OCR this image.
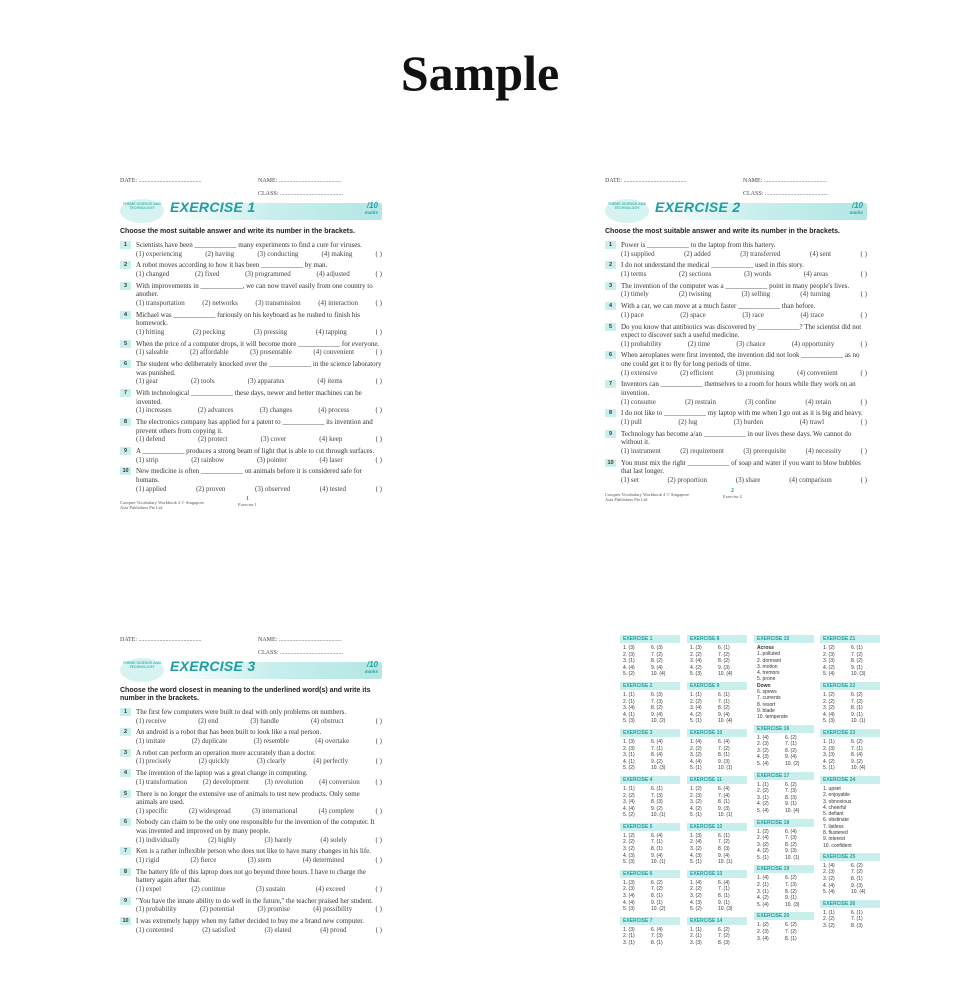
Sample
DATE: ..........................................	NAME: ..........................................
CLASS: ..........................................
THEME SCIENCE AND TECHNOLOGY	EXERCISE 1	/10
marks
Choose the most suitable answer and write its number in the brackets.
1	Scientists have been ____________ many experiments to find a cure for viruses.
(1) experiencing	(2) having	(3) conducting	(4) making	( )
2	A robot moves according to how it has been ____________ by man.
(1) changed	(2) fixed	(3) programmed	(4) adjusted	( )
3	With improvements in ____________, we can now travel easily from one country to another.
(1) transportation	(2) networks	(3) transmission	(4) interaction	( )
4	Michael was ____________ furiously on his keyboard as he rushed to finish his homework.
(1) hitting	(2) pecking	(3) pressing	(4) tapping	( )
5	When the price of a computer drops, it will become more ____________ for everyone.
(1) saleable	(2) affordable	(3) presentable	(4) convenient	( )
6	The student who deliberately knocked over the ____________ in the science laboratory was punished.
(1) gear	(2) tools	(3) apparatus	(4) items	( )
7	With technological ____________ these days, newer and better machines can be invented.
(1) increases	(2) advances	(3) changes	(4) process	( )
8	The electronics company has applied for a patent to ____________ its invention and prevent others from copying it.
(1) defend	(2) protect	(3) cover	(4) keep	( )
9	A ____________ produces a strong beam of light that is able to cut through surfaces.
(1) strip	(2) rainbow	(3) pointer	(4) laser	( )
10	New medicine is often ____________ on animals before it is considered safe for humans.
(1) applied	(2) proven	(3) observed	(4) tested	( )
Conquer Vocabulary Workbook 4 © Singapore Asia Publishers Pte Ltd
1
Exercise 1
DATE: ..........................................	NAME: ..........................................
CLASS: ..........................................
THEME SCIENCE AND TECHNOLOGY	EXERCISE 2	/10
marks
Choose the most suitable answer and write its number in the brackets.
1	Power is ____________ to the laptop from this battery.
(1) supplied	(2) added	(3) transferred	(4) sent	( )
2	I do not understand the medical ____________ used in this story.
(1) terms	(2) sections	(3) words	(4) areas	( )
3	The invention of the computer was a ____________ point in many people's lives.
(1) timely	(2) twisting	(3) selling	(4) turning	( )
4	With a car, we can move at a much faster ____________ than before.
(1) pace	(2) space	(3) race	(4) trace	( )
5	Do you know that antibiotics was discovered by ____________? The scientist did not expect to discover such a useful medicine.
(1) probability	(2) time	(3) chance	(4) opportunity	( )
6	When aeroplanes were first invented, the invention did not look ____________ as no one could get it to fly for long periods of time.
(1) extensive	(2) efficient	(3) promising	(4) convenient	( )
7	Inventors can ____________ themselves to a room for hours while they work on an invention.
(1) consume	(2) restrain	(3) confine	(4) retain	( )
8	I do not like to ____________ my laptop with me when I go out as it is big and heavy.
(1) pull	(2) lug	(3) burden	(4) trawl	( )
9	Technology has become a/an ____________ in our lives these days. We cannot do without it.
(1) instrument	(2) requirement	(3) prerequisite	(4) necessity	( )
10	You must mix the right ____________ of soap and water if you want to blow bubbles that last longer.
(1) set	(2) proportion	(3) share	(4) comparison	( )
Conquer Vocabulary Workbook 4 © Singapore Asia Publishers Pte Ltd
2
Exercise 2
DATE: ..........................................	NAME: ..........................................
CLASS: ..........................................
THEME SCIENCE AND TECHNOLOGY	EXERCISE 3	/10
marks
Choose the word closest in meaning to the underlined word(s) and write its number in the brackets.
1	The first few computers were built to deal with only problems on numbers.
(1) receive	(2) end	(3) handle	(4) obstruct	( )
2	An android is a robot that has been built to look like a real person.
(1) imitate	(2) duplicate	(3) resemble	(4) overtake	( )
3	A robot can perform an operation more accurately than a doctor.
(1) precisely	(2) quickly	(3) clearly	(4) perfectly	( )
4	The invention of the laptop was a great change in computing.
(1) transformation (2) development (3) revolution (4) conversion ( )
5	There is no longer the extensive use of animals to test new products. Only some animals are used.
(1) specific	(2) widespread	(3) international	(4) complete	( )
6	Nobody can claim to be the only one responsible for the invention of the computer. It was invented and improved on by many people.
(1) individually	(2) highly	(3) barely	(4) solely	( )
7	Ken is a rather inflexible person who does not like to have many changes in his life.
(1) rigid	(2) fierce	(3) stern	(4) determined	( )
8	The battery life of this laptop does not go beyond three hours. I have to charge the battery again after that.
(1) expel	(2) continue	(3) sustain	(4) exceed	( )
9	"You have the innate ability to do well in the future," the teacher praised her student.
(1) probability	(2) potential	(3) promise	(4) possibility	( )
10	I was extremely happy when my father decided to buy me a brand new computer.
(1) contented	(2) satisfied	(3) elated	(4) proud	( )
EXERCISE 1
1. (3)	6. (3)
2. (3)	7. (2)
3. (1)	8. (2)
4. (4)	9. (4)
5. (2)	10. (4)
EXERCISE 2
1. (1)	6. (3)
2. (1)	7. (3)
3. (4)	8. (2)
4. (1)	9. (4)
5. (3)	10. (2)
EXERCISE 3
1. (3)	6. (4)
2. (3)	7. (1)
3. (1)	8. (4)
4. (1)	9. (2)
5. (2)	10. (3)
EXERCISE 4
1. (1)	6. (1)
2. (2)	7. (3)
3. (4)	8. (3)
4. (4)	9. (2)
5. (2)	10. (1)
EXERCISE 5
1. (2)	6. (4)
2. (2)	7. (1)
3. (2)	8. (1)
4. (3)	9. (4)
5. (3)	10. (1)
EXERCISE 6
1. (3)	6. (2)
2. (3)	7. (2)
3. (4)	8. (1)
4. (4)	9. (1)
5. (3)	10. (2)
EXERCISE 7
1. (3)	6. (4)
2. (1)	7. (3)
3. (1)	8. (1)
EXERCISE 8
1. (3)	6. (1)
2. (2)	7. (2)
3. (4)	8. (2)
4. (2)	9. (3)
5. (3)	10. (4)
EXERCISE 9
1. (1)	6. (1)
2. (2)	7. (1)
3. (4)	8. (2)
4. (2)	9. (4)
5. (1)	10. (4)
EXERCISE 10
1. (4)	6. (4)
2. (2)	7. (2)
3. (2)	8. (1)
4. (4)	9. (3)
5. (1)	10. (1)
EXERCISE 11
1. (2)	6. (4)
2. (3)	7. (4)
3. (2)	8. (1)
4. (2)	9. (3)
5. (1)	10. (1)
EXERCISE 12
1. (3)	6. (1)
2. (4)	7. (2)
3. (2)	8. (3)
4. (3)	9. (4)
5. (1)	10. (1)
EXERCISE 13
1. (4)	6. (4)
2. (2)	7. (1)
3. (2)	8. (1)
4. (3)	9. (1)
5. (2)	10. (3)
EXERCISE 14
1. (1)	6. (2)
2. (1)	7. (2)
3. (3)	8. (3)
EXERCISE 15
Across
1. polluted
2. dormant
3. motion
4. tremors
5. prone
Down
6. spews
7. currents
8. resort
9. blade
10. temperate
EXERCISE 16
1. (4)	6. (2)
2. (3)	7. (1)
3. (2)	8. (2)
4. (3)	9. (4)
5. (4)	10. (2)
EXERCISE 17
1. (1)	6. (2)
2. (2)	7. (3)
3. (1)	8. (3)
4. (2)	9. (1)
5. (4)	10. (4)
EXERCISE 18
1. (2)	6. (4)
2. (4)	7. (3)
3. (2)	8. (2)
4. (2)	9. (3)
5. (1)	10. (1)
EXERCISE 19
1. (4)	6. (2)
2. (1)	7. (3)
3. (1)	8. (2)
4. (2)	9. (1)
5. (4)	10. (3)
EXERCISE 20
1. (2)	6. (2)
2. (3)	7. (2)
3. (4)	8. (1)
EXERCISE 21
1. (2)	6. (1)
2. (3)	7. (2)
3. (3)	8. (2)
4. (2)	9. (1)
5. (4)	10. (3)
EXERCISE 22
1. (2)	6. (2)
2. (2)	7. (2)
3. (2)	8. (1)
4. (4)	9. (1)
5. (3)	10. (1)
EXERCISE 23
1. (1)	6. (2)
2. (3)	7. (1)
3. (3)	8. (4)
4. (2)	9. (2)
5. (1)	10. (4)
EXERCISE 24
1. upset
2. enjoyable
3. obnoxious
4. cheerful
5. defiant
6. obstinate
7. listless
8. flustered
9. interest
10. confident
EXERCISE 25
1. (4)	6. (2)
2. (3)	7. (2)
3. (2)	8. (1)
4. (4)	9. (3)
5. (4)	10. (4)
EXERCISE 26
1. (1)	6. (1)
2. (2)	7. (1)
3. (2)	8. (3)
